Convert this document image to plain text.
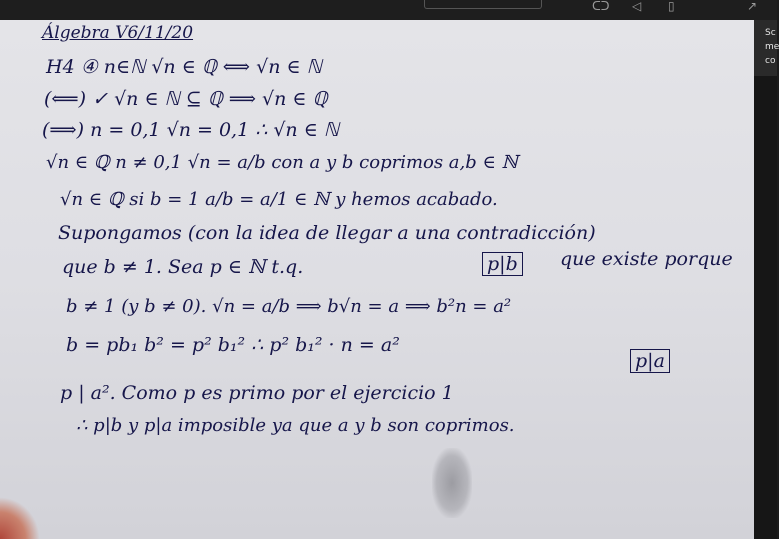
ᑕᑐ ◁ ▯	↗
Sc
me
co
Álgebra V6/11/20
H4 ④ n∈ℕ √n ∈ ℚ ⟺ √n ∈ ℕ
(⟸) ✓ √n ∈ ℕ ⊆ ℚ ⟹ √n ∈ ℚ
(⟹) n = 0,1 √n = 0,1 ∴ √n ∈ ℕ
√n ∈ ℚ n ≠ 0,1 √n = a/b con a y b coprimos a,b ∈ ℕ
√n ∈ ℚ si b = 1 a/b = a/1 ∈ ℕ y hemos acabado.
Supongamos (con la idea de llegar a una contradicción)
que b ≠ 1. Sea p ∈ ℕ t.q.	p|b que existe porque
b ≠ 1 (y b ≠ 0). √n = a/b ⟹ b√n = a ⟹ b²n = a²
b = pb₁ b² = p² b₁² ∴ p² b₁² · n = a²
p | a². Como p es primo por el ejercicio 1
p|a
∴ p|b y p|a imposible ya que a y b son coprimos.
